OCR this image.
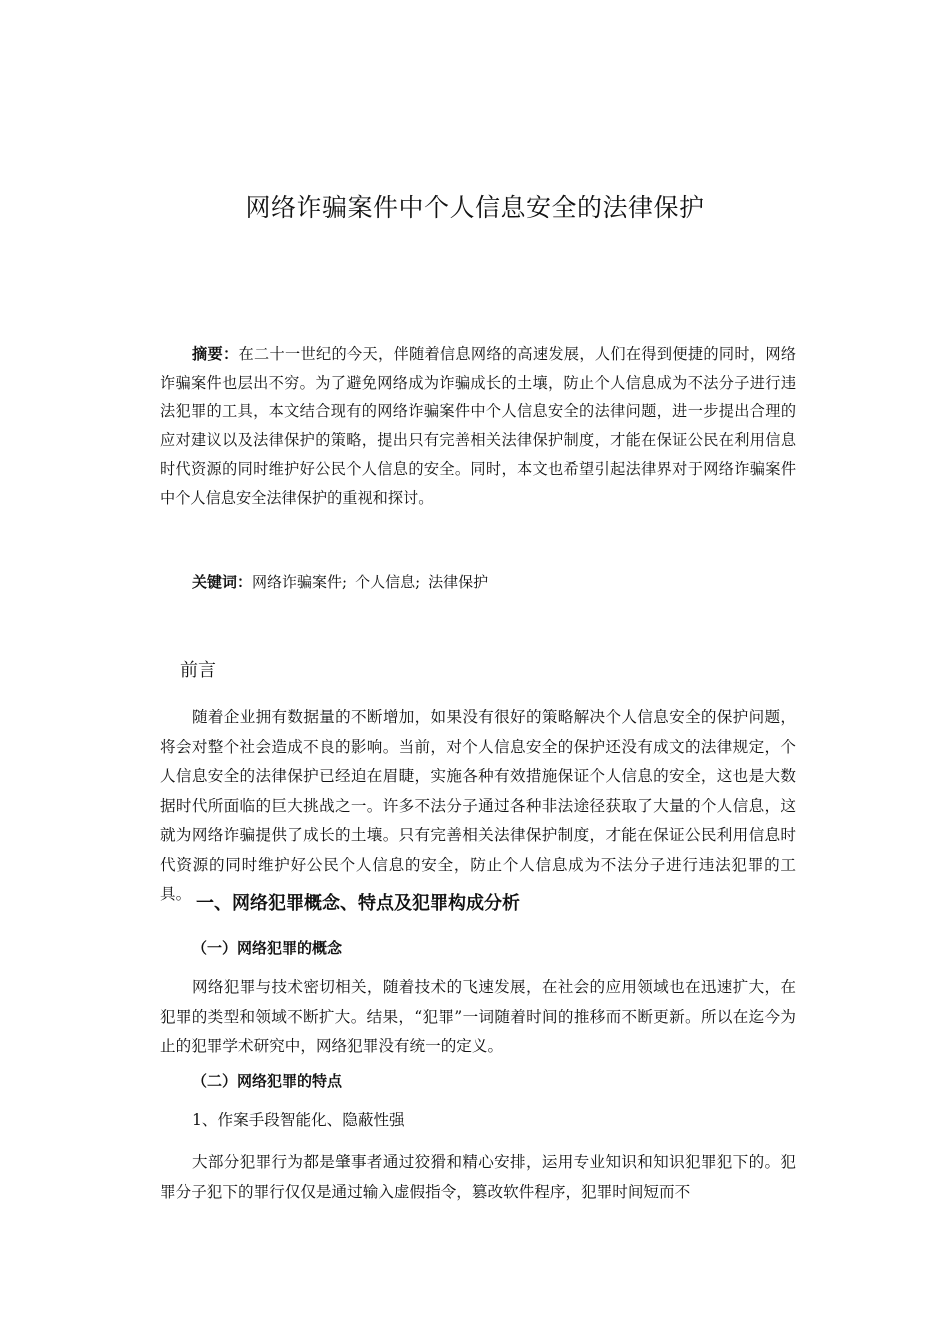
网络诈骗案件中个人信息安全的法律保护
摘要：在二十一世纪的今天，伴随着信息网络的高速发展，人们在得到便捷的同时，网络诈骗案件也层出不穷。为了避免网络成为诈骗成长的土壤，防止个人信息成为不法分子进行违法犯罪的工具，本文结合现有的网络诈骗案件中个人信息安全的法律问题，进一步提出合理的应对建议以及法律保护的策略，提出只有完善相关法律保护制度，才能在保证公民在利用信息时代资源的同时维护好公民个人信息的安全。同时，本文也希望引起法律界对于网络诈骗案件中个人信息安全法律保护的重视和探讨。
关键词：网络诈骗案件; 个人信息; 法律保护
前言
随着企业拥有数据量的不断增加，如果没有很好的策略解决个人信息安全的保护问题，将会对整个社会造成不良的影响。当前，对个人信息安全的保护还没有成文的法律规定，个人信息安全的法律保护已经迫在眉睫，实施各种有效措施保证个人信息的安全，这也是大数据时代所面临的巨大挑战之一。许多不法分子通过各种非法途径获取了大量的个人信息，这就为网络诈骗提供了成长的土壤。只有完善相关法律保护制度，才能在保证公民利用信息时代资源的同时维护好公民个人信息的安全，防止个人信息成为不法分子进行违法犯罪的工具。 一、网络犯罪概念、特点及犯罪构成分析
（一）网络犯罪的概念
网络犯罪与技术密切相关，随着技术的飞速发展，在社会的应用领域也在迅速扩大，在犯罪的类型和领域不断扩大。结果，“犯罪”一词随着时间的推移而不断更新。所以在迄今为止的犯罪学术研究中，网络犯罪没有统一的定义。
（二）网络犯罪的特点
1、作案手段智能化、隐蔽性强
大部分犯罪行为都是肇事者通过狡猾和精心安排，运用专业知识和知识犯罪犯下的。犯罪分子犯下的罪行仅仅是通过输入虚假指令，篡改软件程序，犯罪时间短而不
